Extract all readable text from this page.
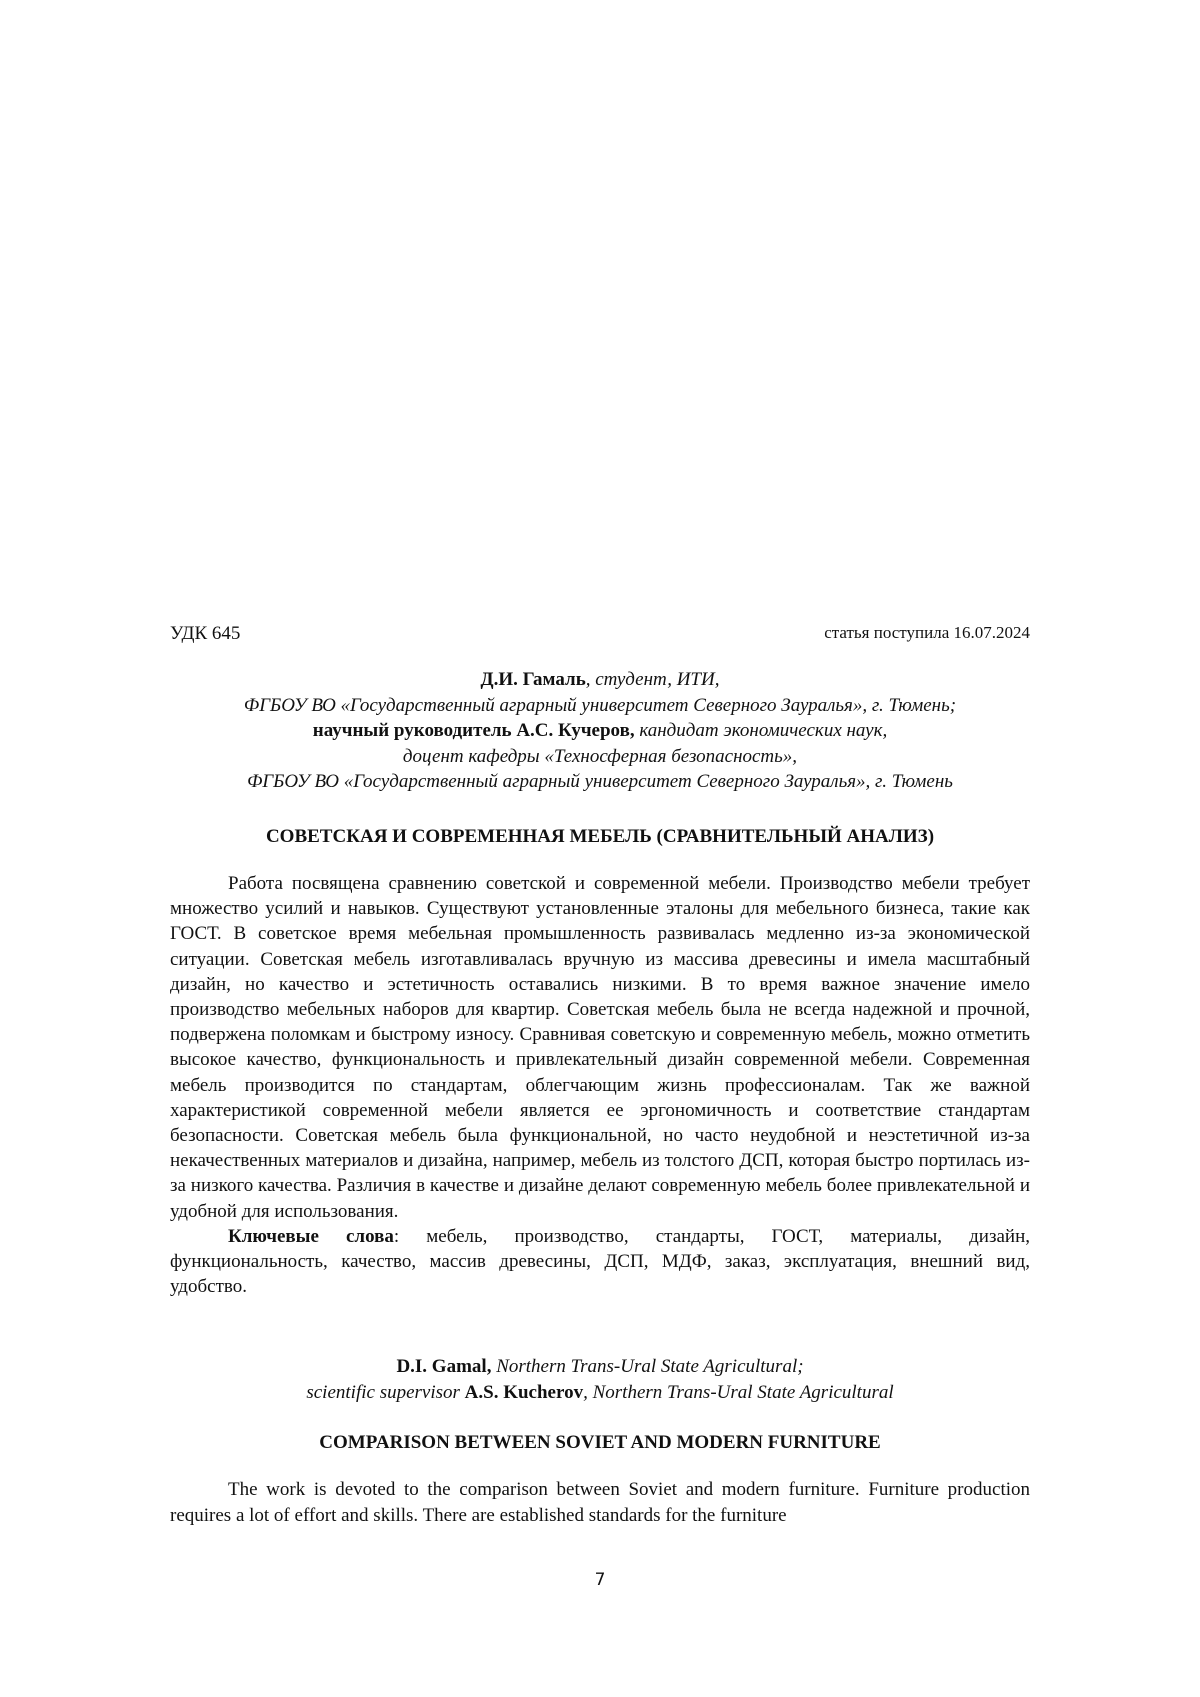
УДК 645	статья поступила 16.07.2024
Д.И. Гамаль, студент, ИТИ,
ФГБОУ ВО «Государственный аграрный университет Северного Зауралья», г. Тюмень;
научный руководитель А.С. Кучеров, кандидат экономических наук,
доцент кафедры «Техносферная безопасность»,
ФГБОУ ВО «Государственный аграрный университет Северного Зауралья», г. Тюмень
СОВЕТСКАЯ И СОВРЕМЕННАЯ МЕБЕЛЬ (СРАВНИТЕЛЬНЫЙ АНАЛИЗ)

Работа посвящена сравнению советской и современной мебели. Производство мебели требует множество усилий и навыков. Существуют установленные эталоны для мебельного бизнеса, такие как ГОСТ. В советское время мебельная промышленность развивалась медленно из-за экономической ситуации. Советская мебель изготавливалась вручную из массива древесины и имела масштабный дизайн, но качество и эстетичность оставались низкими. В то время важное значение имело производство мебельных наборов для квартир. Советская мебель была не всегда надежной и прочной, подвержена поломкам и быстрому износу. Сравнивая советскую и современную мебель, можно отметить высокое качество, функциональность и привлекательный дизайн современной мебели. Современная мебель производится по стандартам, облегчающим жизнь профессионалам. Так же важной характеристикой современной мебели является ее эргономичность и соответствие стандартам безопасности. Советская мебель была функциональной, но часто неудобной и неэстетичной из-за некачественных материалов и дизайна, например, мебель из толстого ДСП, которая быстро портилась из-за низкого качества. Различия в качестве и дизайне делают современную мебель более привлекательной и удобной для использования.

Ключевые слова: мебель, производство, стандарты, ГОСТ, материалы, дизайн, функциональность, качество, массив древесины, ДСП, МДФ, заказ, эксплуатация, внешний вид, удобство.

D.I. Gamal, Northern Trans-Ural State Agricultural;
scientific supervisor A.S. Kucherov, Northern Trans-Ural State Agricultural
COMPARISON BETWEEN SOVIET AND MODERN FURNITURE

The work is devoted to the comparison between Soviet and modern furniture. Furniture production requires a lot of effort and skills. There are established standards for the furniture

7
